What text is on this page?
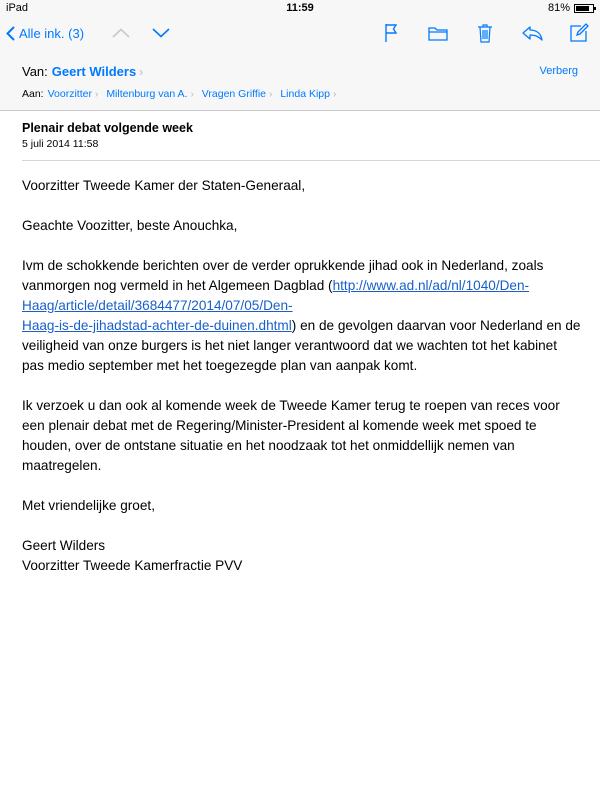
iPad	11:59	81%
Alle ink. (3)
Van: Geert Wilders ›	Verberg
Aan: Voorzitter › Miltenburg van A. › Vragen Griffie › Linda Kipp ›
Plenair debat volgende week
5 juli 2014 11:58

Voorzitter Tweede Kamer der Staten-Generaal,

Geachte Voozitter, beste Anouchka,

Ivm de schokkende berichten over de verder oprukkende jihad ook in Nederland, zoals vanmorgen nog vermeld in het Algemeen Dagblad (http://www.ad.nl/ad/nl/1040/Den-Haag/article/detail/3684477/2014/07/05/Den-
Haag-is-de-jihadstad-achter-de-duinen.dhtml) en de gevolgen daarvan voor Nederland en de veiligheid van onze burgers is het niet langer verantwoord dat we wachten tot het kabinet pas medio september met het toegezegde plan van aanpak komt.

Ik verzoek u dan ook al komende week de Tweede Kamer terug te roepen van reces voor een plenair debat met de Regering/Minister-President al komende week met spoed te houden, over de ontstane situatie en het noodzaak tot het onmiddellijk nemen van maatregelen.

Met vriendelijke groet,

Geert Wilders
Voorzitter Tweede Kamerfractie PVV
